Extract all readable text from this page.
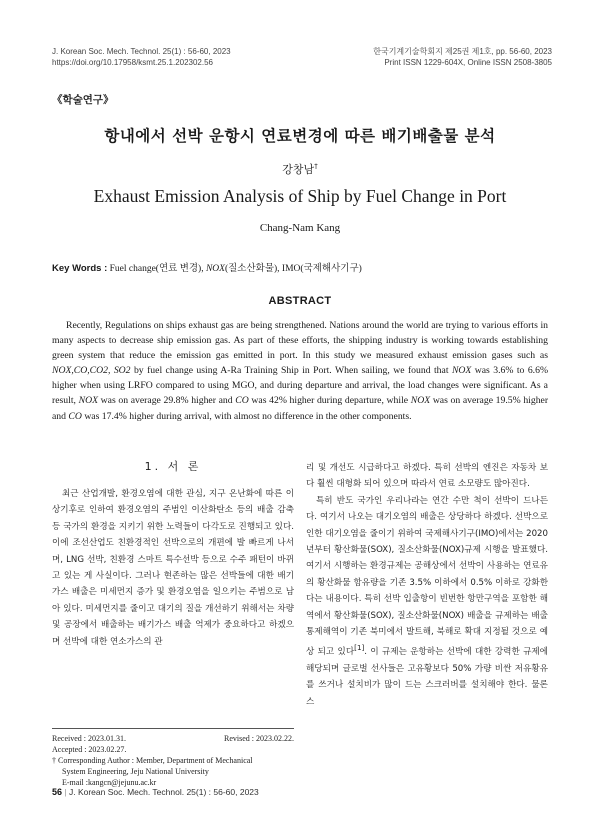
J. Korean Soc. Mech. Technol. 25(1) : 56-60, 2023
https://doi.org/10.17958/ksmt.25.1.202302.56
한국기계기술학회지 제25권 제1호, pp. 56-60, 2023
Print ISSN 1229-604X, Online ISSN 2508-3805
《학술연구》
항내에서 선박 운항시 연료변경에 따른 배기배출물 분석
강창남†
Exhaust Emission Analysis of Ship by Fuel Change in Port
Chang-Nam Kang
Key Words : Fuel change(연료 변경), NOX(질소산화물), IMO(국제해사기구)
ABSTRACT

Recently, Regulations on ships exhaust gas are being strengthened. Nations around the world are trying to various efforts in many aspects to decrease ship emission gas. As part of these efforts, the shipping industry is working towards establishing green system that reduce the emission gas emitted in port. In this study we measured exhaust emission gases such as NOX,CO,CO2, SO2 by fuel change using A-Ra Training Ship in Port. When sailing, we found that NOX was 3.6% to 6.6% higher when using LRFO compared to using MGO, and during departure and arrival, the load changes were significant. As a result, NOX was on average 29.8% higher and CO was 42% higher during departure, while NOX was on average 19.5% higher and CO was 17.4% higher during arrival, with almost no difference in the other components.

1. 서 론

최근 산업개발, 환경오염에 대한 관심, 지구 온난화에 따른 이상기후로 인하여 환경오염의 주범인 이산화탄소 등의 배출 감축 등 국가의 환경을 지키기 위한 노력들이 다각도로 진행되고 있다. 이에 조선산업도 친환경적인 선박으로의 개편에 발 빠르게 나서며, LNG 선박, 친환경 스마트 특수선박 등으로 수주 패턴이 바뀌고 있는 게 사실이다. 그러나 현존하는 많은 선박들에 대한 배기가스 배출은 미세먼지 증가 및 환경오염을 일으키는 주범으로 남아 있다. 미세먼지를 줄이고 대기의 질을 개선하기 위해서는 차량 및 공장에서 배출하는 배기가스 배출 억제가 중요하다고 하겠으며 선박에 대한 연소가스의 관

리 및 개선도 시급하다고 하겠다. 특히 선박의 엔진은 자동차 보다 훨씬 대형화 되어 있으며 따라서 연료 소모량도 많아진다.

특히 반도 국가인 우리나라는 연간 수만 척이 선박이 드나든다. 여기서 나오는 대기오염의 배출은 상당하다 하겠다. 선박으로 인한 대기오염을 줄이기 위하여 국제해사기구(IMO)에서는 2020년부터 황산화물(SOX), 질소산화물(NOX)규제 시행을 발표했다. 여기서 시행하는 환경규제는 공해상에서 선박이 사용하는 연료유의 황산화물 함유량을 기존 3.5% 이하에서 0.5% 이하로 강화한다는 내용이다. 특히 선박 입출항이 빈번한 항만구역을 포함한 해역에서 황산화물(SOX), 질소산화물(NOX) 배출을 규제하는 배출통제해역이 기존 북미에서 발트해, 북해로 확대 지정될 것으로 예상 되고 있다[1]. 이 규제는 운항하는 선박에 대한 강력한 규제에 해당되며 글로벌 선사들은 고유황보다 50% 가량 비싼 저유황유를 쓰거나 설치비가 많이 드는 스크러버를 설치해야 한다. 물론 스

Received : 2023.01.31.	Revised : 2023.02.22.
Accepted : 2023.02.27.
† Corresponding Author : Member, Department of Mechanical
System Engineering, Jeju National University
E-mail :kangcn@jejunu.ac.kr
56 | J. Korean Soc. Mech. Technol. 25(1) : 56-60, 2023
